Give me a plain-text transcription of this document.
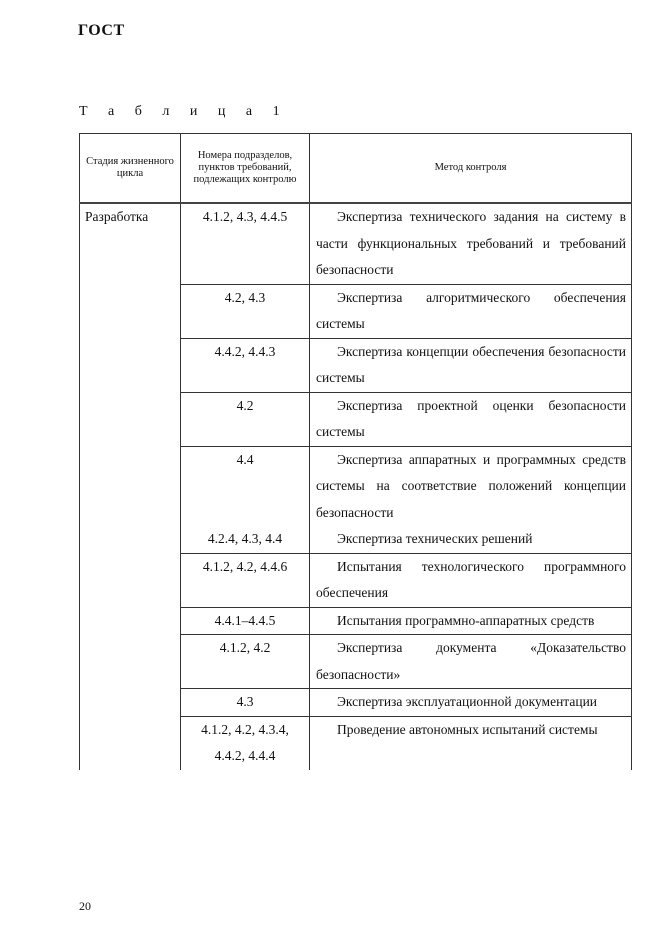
ГОСТ
Т а б л и ц а 1
Стадия жизненного цикла	Номера подразделов, пунктов требований, подлежащих контролю	Метод контроля
Разработка	4.1.2, 4.3, 4.4.5	Экспертиза технического задания на систему в части функциональных требований и требований безопасности
	4.2, 4.3	Экспертиза алгоритмического обеспечения системы
	4.4.2, 4.4.3	Экспертиза концепции обеспечения безопасности системы
	4.2	Экспертиза проектной оценки безопасности системы
	4.4	Экспертиза аппаратных и программных средств системы на соответствие положений концепции безопасности
	4.2.4, 4.3, 4.4	Экспертиза технических решений
	4.1.2, 4.2, 4.4.6	Испытания технологического программного обеспечения
	4.4.1–4.4.5	Испытания программно-аппаратных средств
	4.1.2, 4.2	Экспертиза документа «Доказательство безопасности»
	4.3	Экспертиза эксплуатационной документации
	4.1.2, 4.2, 4.3.4, 4.4.2, 4.4.4	Проведение автономных испытаний системы
20
